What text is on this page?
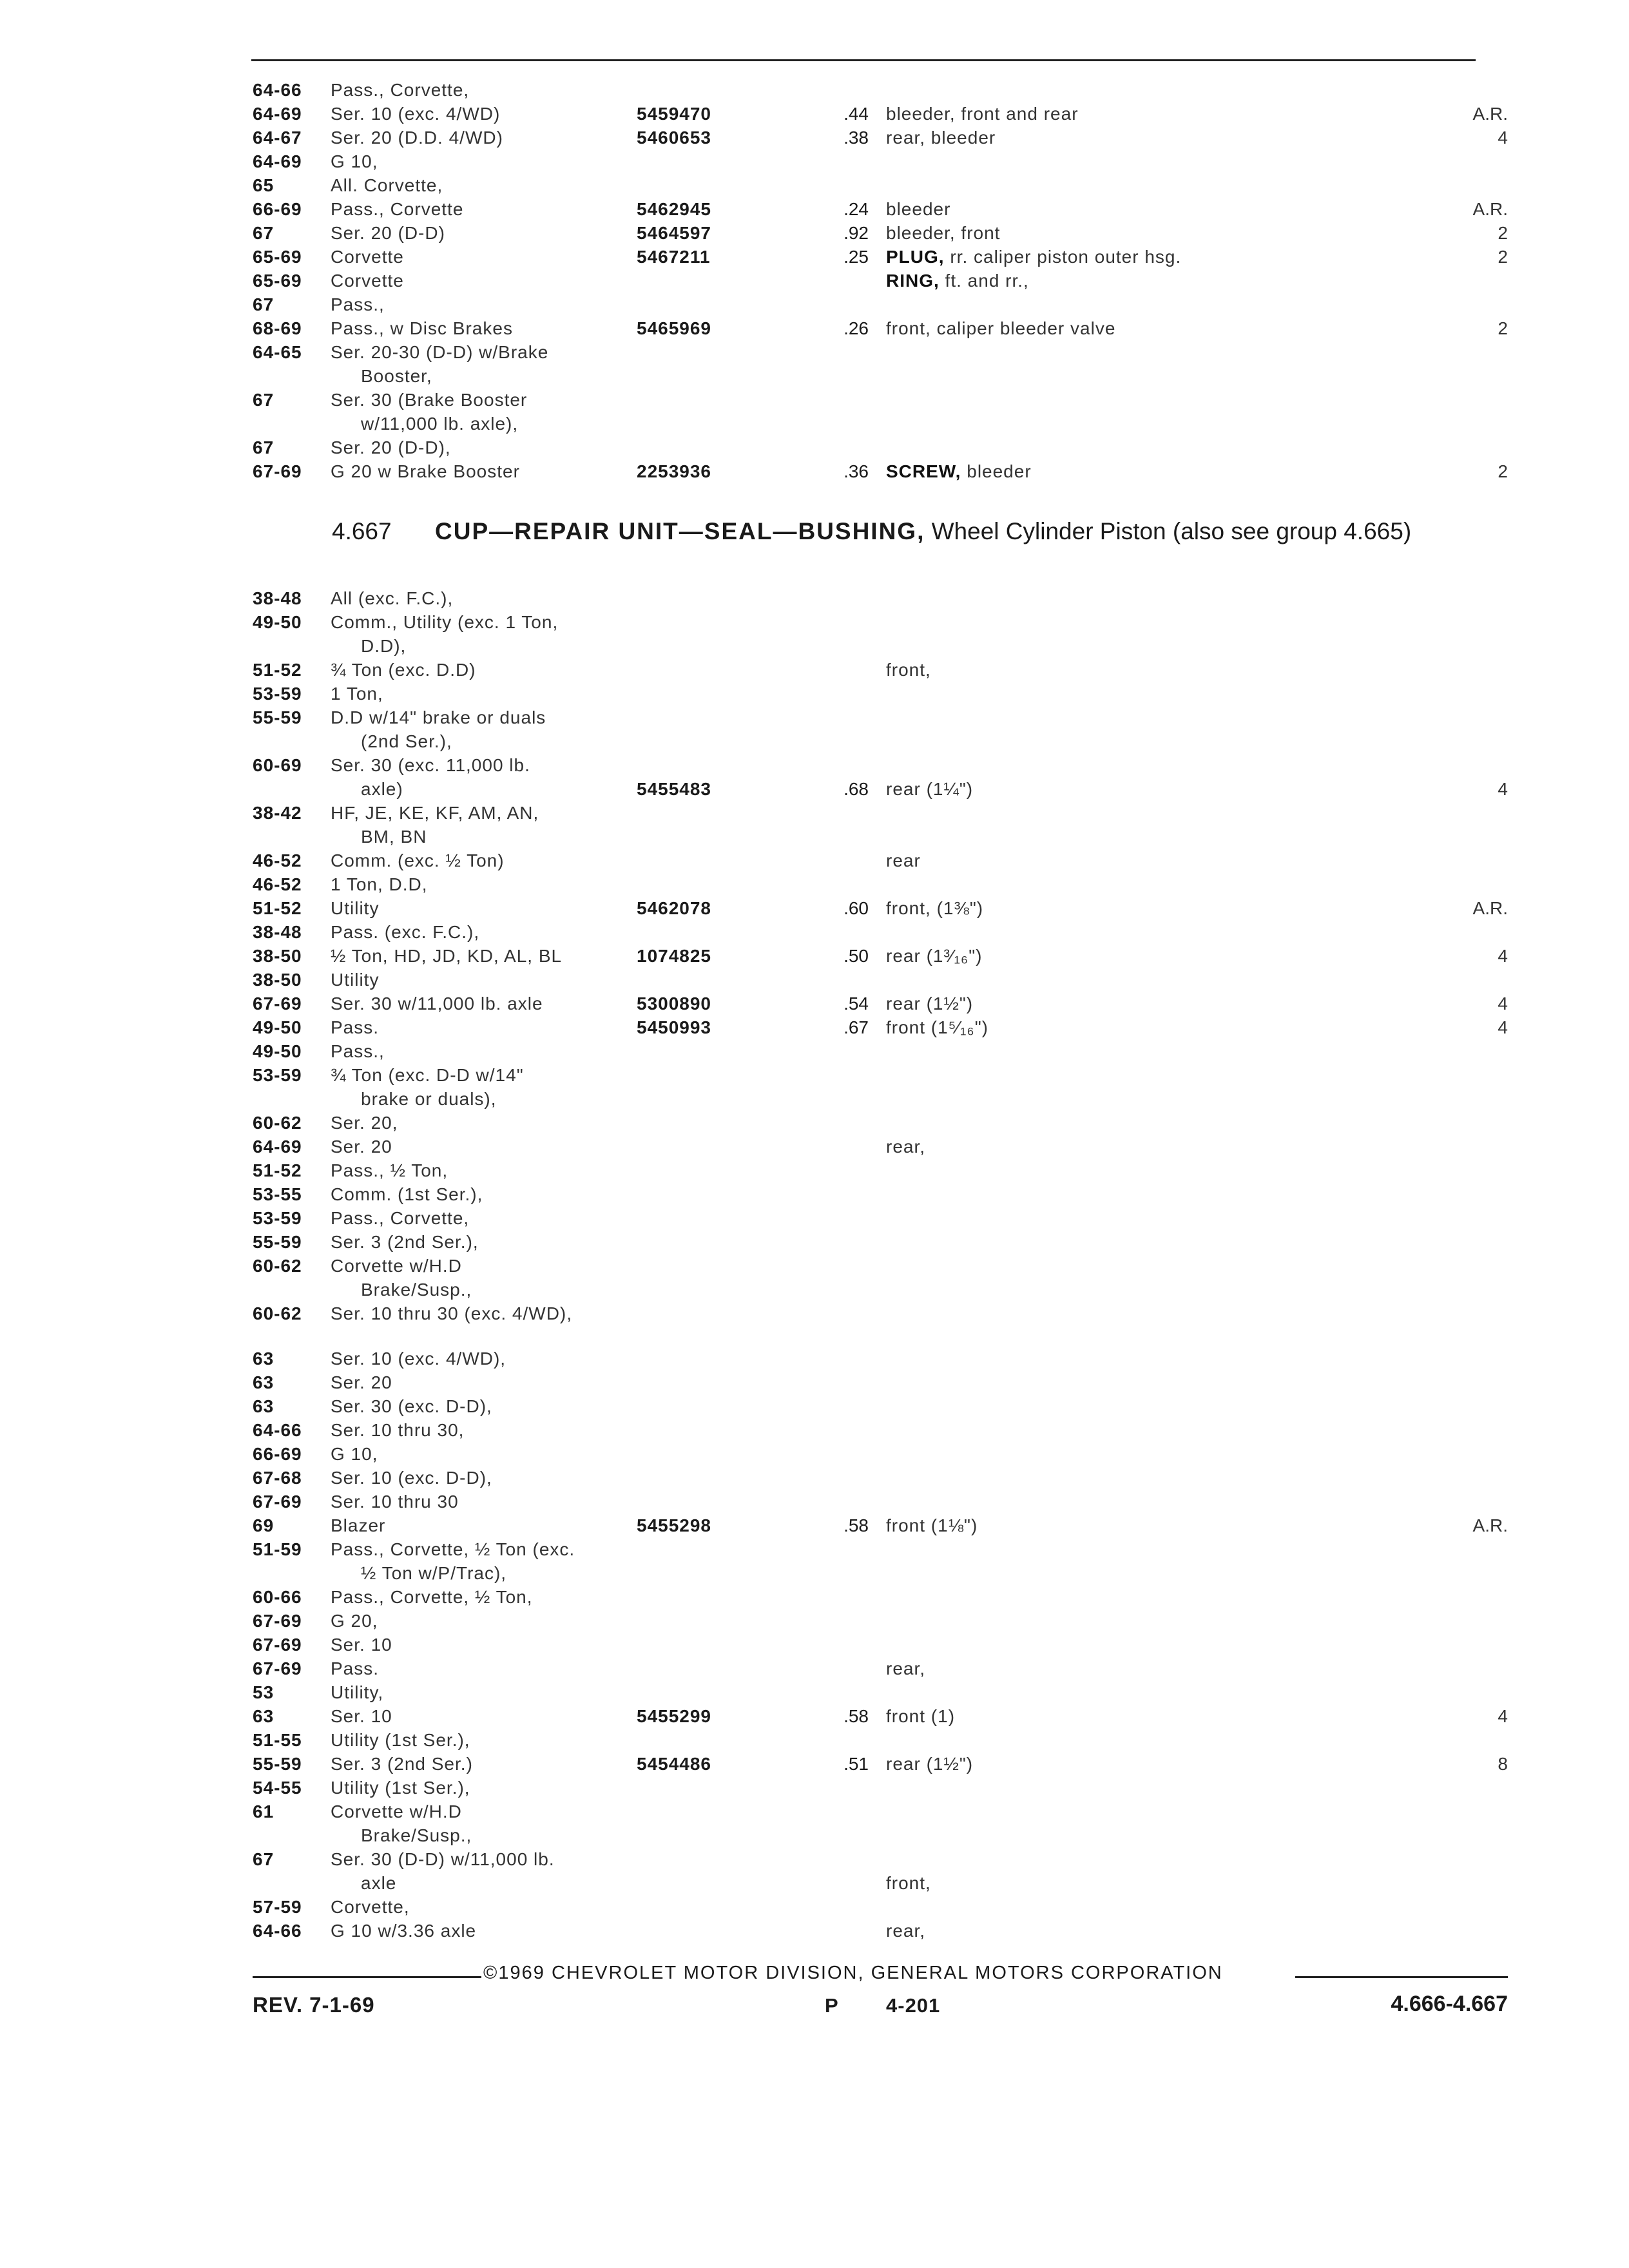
64-66	Pass., Corvette,
64-69	Ser. 10 (exc. 4/WD)	5459470	.44 bleeder, front and rear	A.R.
64-67	Ser. 20 (D.D. 4/WD)	5460653	.38 rear, bleeder	4
64-69	G 10,
65	All. Corvette,
66-69	Pass., Corvette	5462945	.24 bleeder	A.R.
67	Ser. 20 (D-D)	5464597	.92 bleeder, front	2
65-69	Corvette	5467211	.25 PLUG, rr. caliper piston outer hsg.	2
65-69	Corvette	RING, ft. and rr.,
67	Pass.,
68-69	Pass., w Disc Brakes	5465969	.26 front, caliper bleeder valve	2
64-65	Ser. 20-30 (D-D) w/Brake
Booster,
67	Ser. 30 (Brake Booster
w/11,000 lb. axle),
67	Ser. 20 (D-D),
67-69	G 20 w Brake Booster	2253936	.36 SCREW, bleeder	2
38-48	All (exc. F.C.),
49-50	Comm., Utility (exc. 1 Ton,
D.D),
51-52	¾ Ton (exc. D.D)	front,
53-59	1 Ton,
55-59	D.D w/14" brake or duals
(2nd Ser.),
60-69	Ser. 30 (exc. 11,000 lb.
axle)	5455483	.68 rear (1¼")	4
38-42	HF, JE, KE, KF, AM, AN,
BM, BN
46-52	Comm. (exc. ½ Ton)	rear
46-52	1 Ton, D.D,
51-52	Utility	5462078	.60 front, (1⅜")	A.R.
38-48	Pass. (exc. F.C.),
38-50	½ Ton, HD, JD, KD, AL, BL	1074825	.50 rear (1³⁄₁₆")	4
38-50	Utility
67-69	Ser. 30 w/11,000 lb. axle	5300890	.54 rear (1½")	4
49-50	Pass.	5450993	.67 front (1⁵⁄₁₆")	4
49-50	Pass.,
53-59	¾ Ton (exc. D-D w/14"
brake or duals),
60-62	Ser. 20,
64-69	Ser. 20	rear,
51-52	Pass., ½ Ton,
53-55	Comm. (1st Ser.),
53-59	Pass., Corvette,
55-59	Ser. 3 (2nd Ser.),
60-62	Corvette w/H.D
Brake/Susp.,
60-62	Ser. 10 thru 30 (exc. 4/WD),
63	Ser. 10 (exc. 4/WD),
63	Ser. 20
63	Ser. 30 (exc. D-D),
64-66	Ser. 10 thru 30,
66-69	G 10,
67-68	Ser. 10 (exc. D-D),
67-69	Ser. 10 thru 30
69	Blazer	5455298	.58 front (1⅛")	A.R.
51-59	Pass., Corvette, ½ Ton (exc.
½ Ton w/P/Trac),
60-66	Pass., Corvette, ½ Ton,
67-69	G 20,
67-69	Ser. 10
67-69	Pass.	rear,
53	Utility,
63	Ser. 10	5455299	.58 front (1)	4
51-55	Utility (1st Ser.),
55-59	Ser. 3 (2nd Ser.)	5454486	.51 rear (1½")	8
54-55	Utility (1st Ser.),
61	Corvette w/H.D
Brake/Susp.,
67	Ser. 30 (D-D) w/11,000 lb.
axle	front,
57-59	Corvette,
64-66	G 10 w/3.36 axle	rear,
4.667 CUP—REPAIR UNIT—SEAL—BUSHING, Wheel Cylinder Piston (also see group 4.665)
©1969 CHEVROLET MOTOR DIVISION, GENERAL MOTORS CORPORATION
REV. 7-1-69	P 4-201	4.666-4.667
